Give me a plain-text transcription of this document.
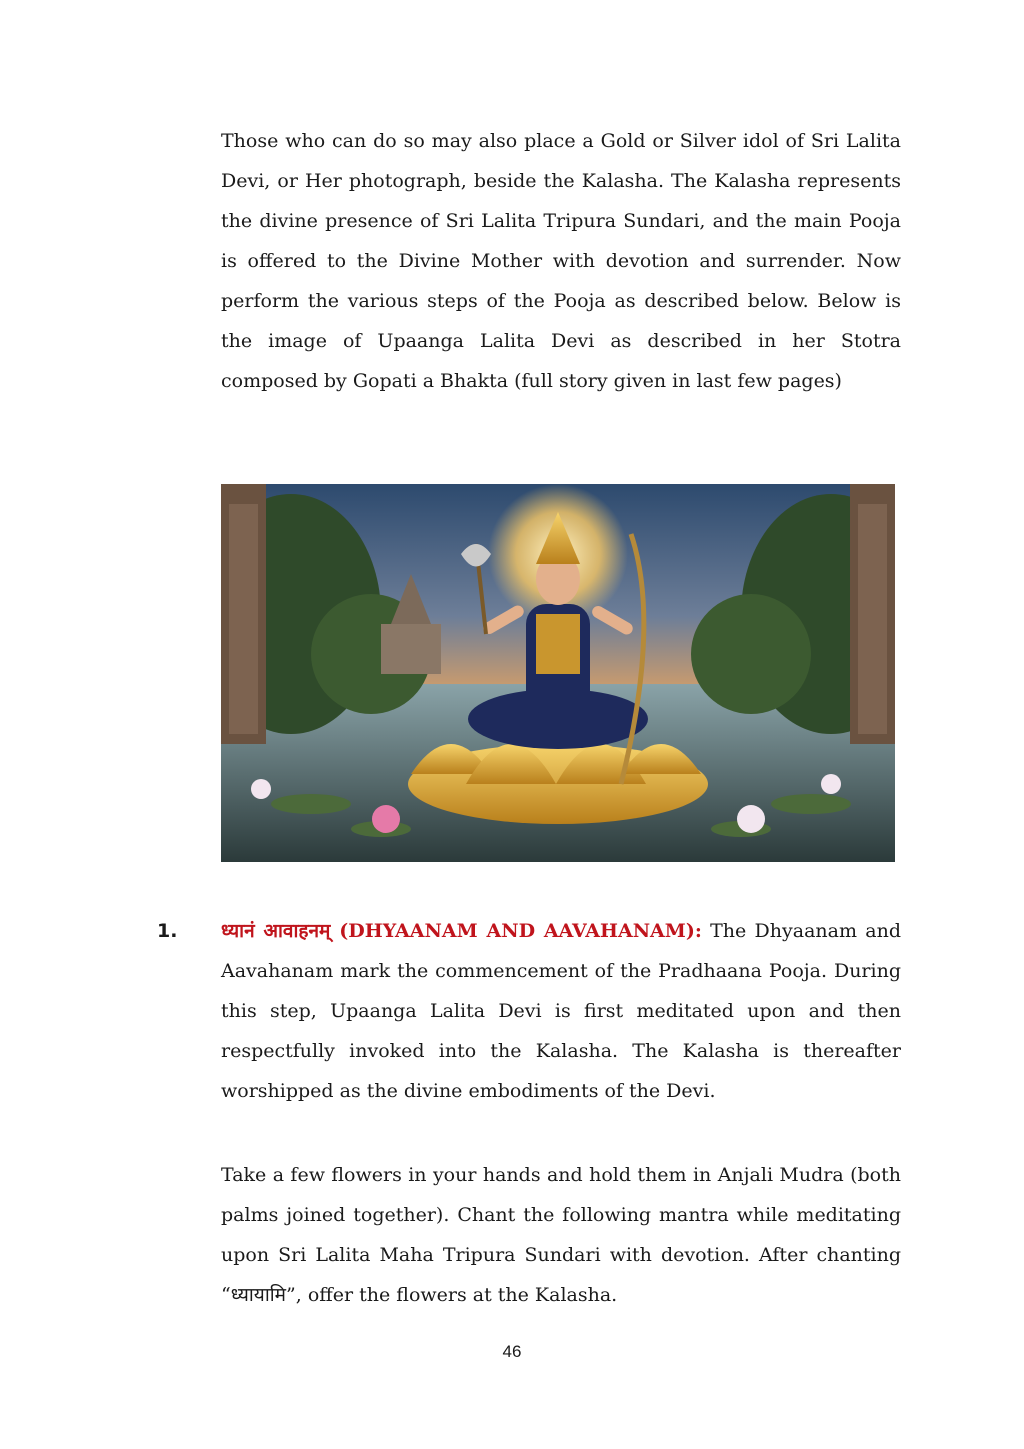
Those who can do so may also place a Gold or Silver idol of Sri Lalita Devi, or Her photograph, beside the Kalasha. The Kalasha represents the divine presence of Sri Lalita Tripura Sundari, and the main Pooja is offered to the Divine Mother with devotion and surrender. Now perform the various steps of the Pooja as described below. Below is the image of Upaanga Lalita Devi as described in her Stotra composed by Gopati a Bhakta (full story given in last few pages)

1. ध्यानं आवाहनम् (DHYAANAM AND AAVAHANAM): The Dhyaanam and Aavahanam mark the commencement of the Pradhaana Pooja. During this step, Upaanga Lalita Devi is first meditated upon and then respectfully invoked into the Kalasha. The Kalasha is thereafter worshipped as the divine embodiments of the Devi.

Take a few flowers in your hands and hold them in Anjali Mudra (both palms joined together). Chant the following mantra while meditating upon Sri Lalita Maha Tripura Sundari with devotion. After chanting “ध्यायामि”, offer the flowers at the Kalasha.

46
